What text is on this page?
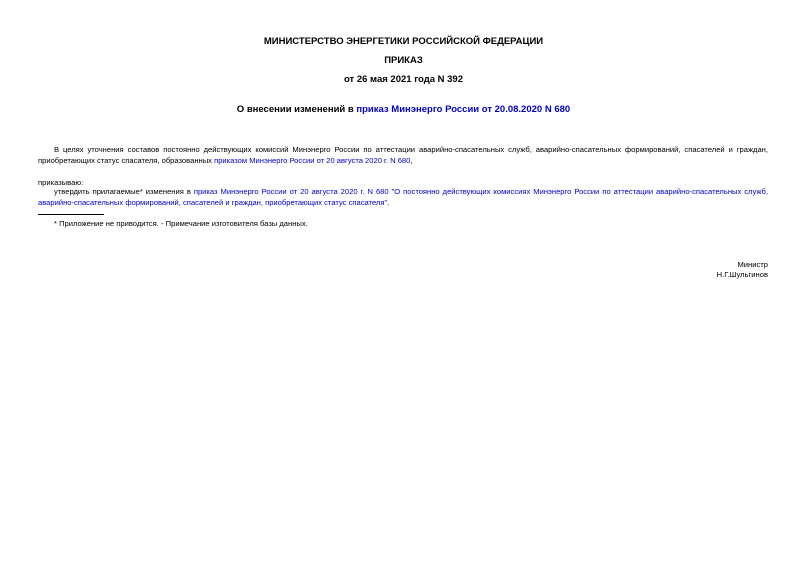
МИНИСТЕРСТВО ЭНЕРГЕТИКИ РОССИЙСКОЙ ФЕДЕРАЦИИ
ПРИКАЗ
от 26 мая 2021 года N 392
О внесении изменений в приказ Минэнерго России от 20.08.2020 N 680
В целях уточнения составов постоянно действующих комиссий Минэнерго России по аттестации аварийно-спасательных служб, аварийно-спасательных формирований, спасателей и граждан, приобретающих статус спасателя, образованных приказом Минэнерго России от 20 августа 2020 г. N 680,
приказываю:
утвердить прилагаемые* изменения в приказ Минэнерго России от 20 августа 2020 г. N 680 "О постоянно действующих комиссиях Минэнерго России по аттестации аварийно-спасательных служб, аварийно-спасательных формирований, спасателей и граждан, приобретающих статус спасателя".
* Приложение не приводится. - Примечание изготовителя базы данных.
Министр
Н.Г.Шульгинов
